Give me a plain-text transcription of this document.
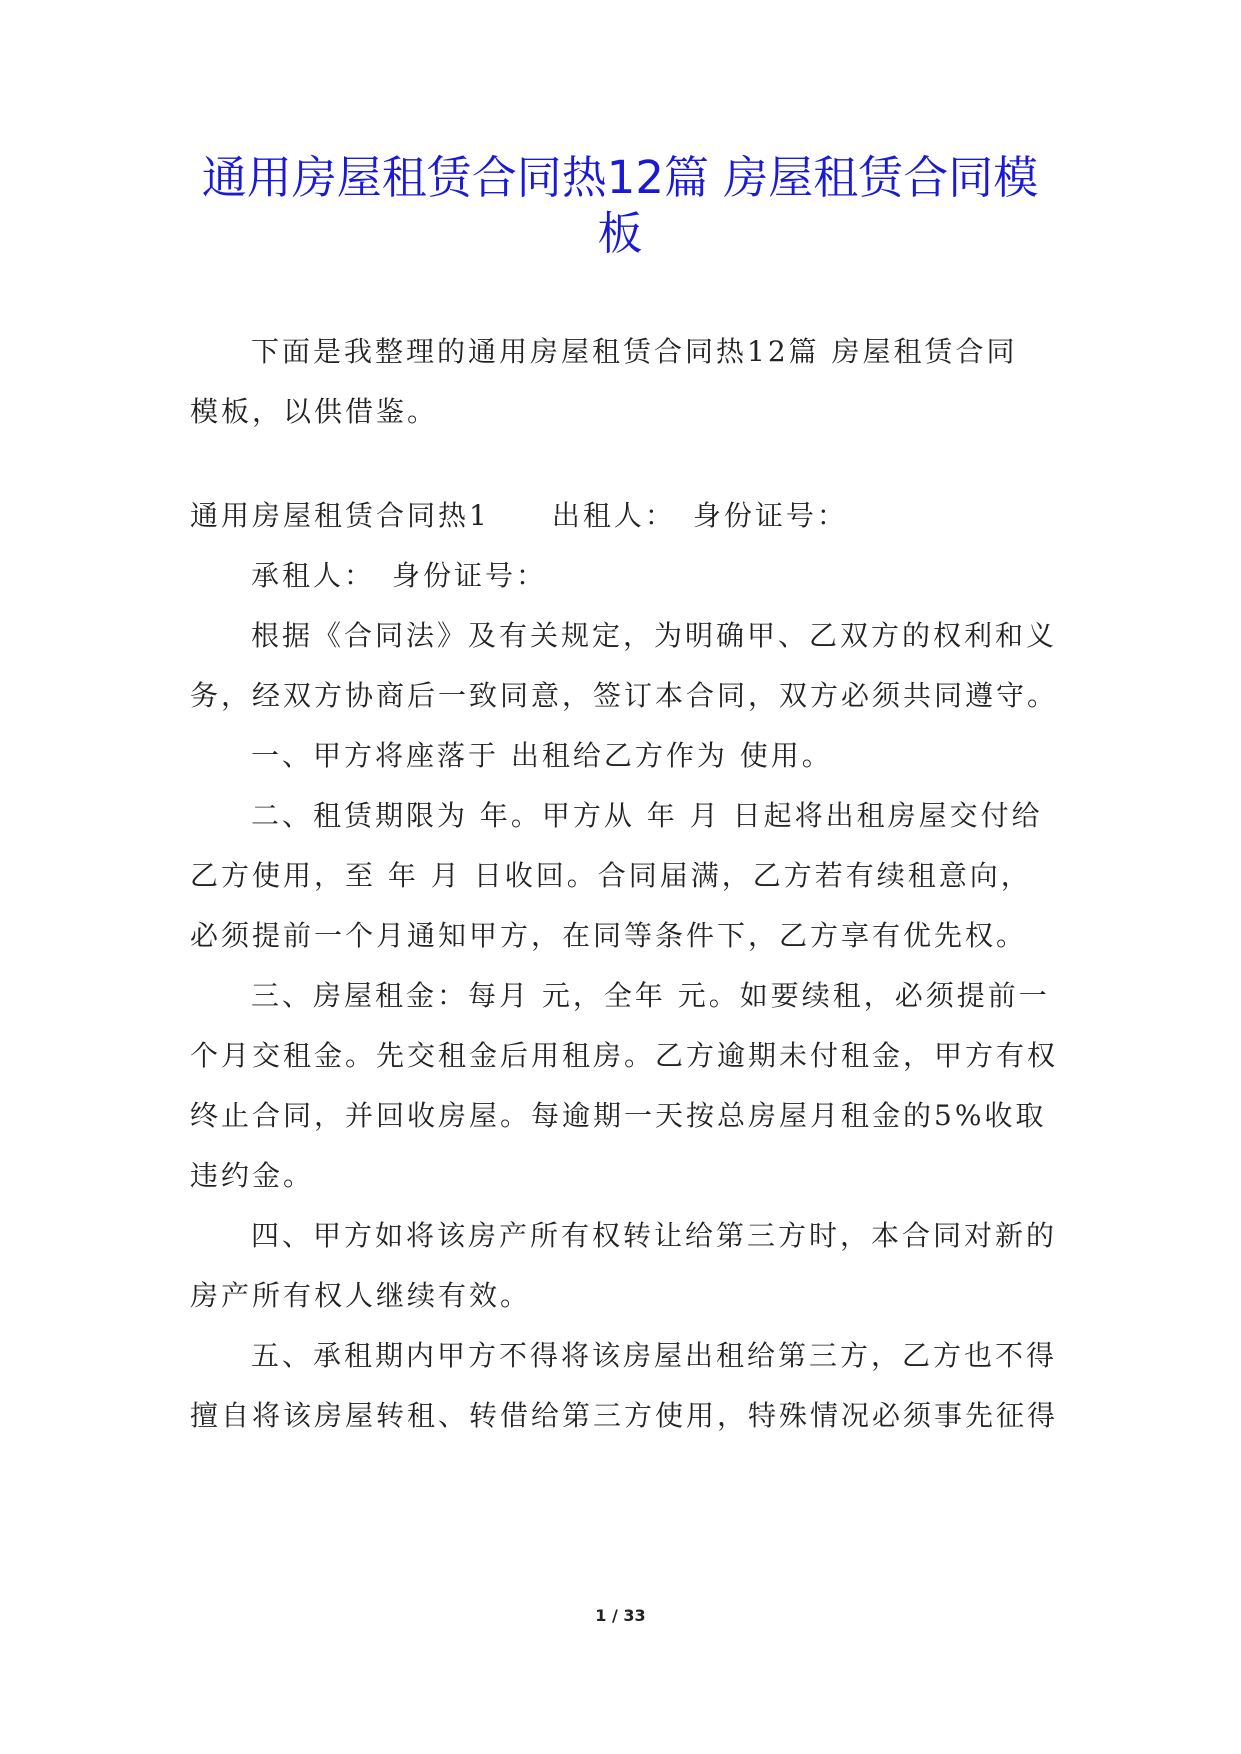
通用房屋租赁合同热12篇 房屋租赁合同模
板

下面是我整理的通用房屋租赁合同热12篇 房屋租赁合同
模板，以供借鉴。

通用房屋租赁合同热1　　出租人：　身份证号：

承租人：　身份证号：

根据《合同法》及有关规定，为明确甲、乙双方的权利和义
务，经双方协商后一致同意，签订本合同，双方必须共同遵守。

一、甲方将座落于 出租给乙方作为 使用。

二、租赁期限为 年。甲方从 年 月 日起将出租房屋交付给
乙方使用，至 年 月 日收回。合同届满，乙方若有续租意向，
必须提前一个月通知甲方，在同等条件下，乙方享有优先权。

三、房屋租金：每月 元，全年 元。如要续租，必须提前一
个月交租金。先交租金后用租房。乙方逾期未付租金，甲方有权
终止合同，并回收房屋。每逾期一天按总房屋月租金的5%收取
违约金。

四、甲方如将该房产所有权转让给第三方时，本合同对新的
房产所有权人继续有效。

五、承租期内甲方不得将该房屋出租给第三方，乙方也不得
擅自将该房屋转租、转借给第三方使用，特殊情况必须事先征得

1 / 33
